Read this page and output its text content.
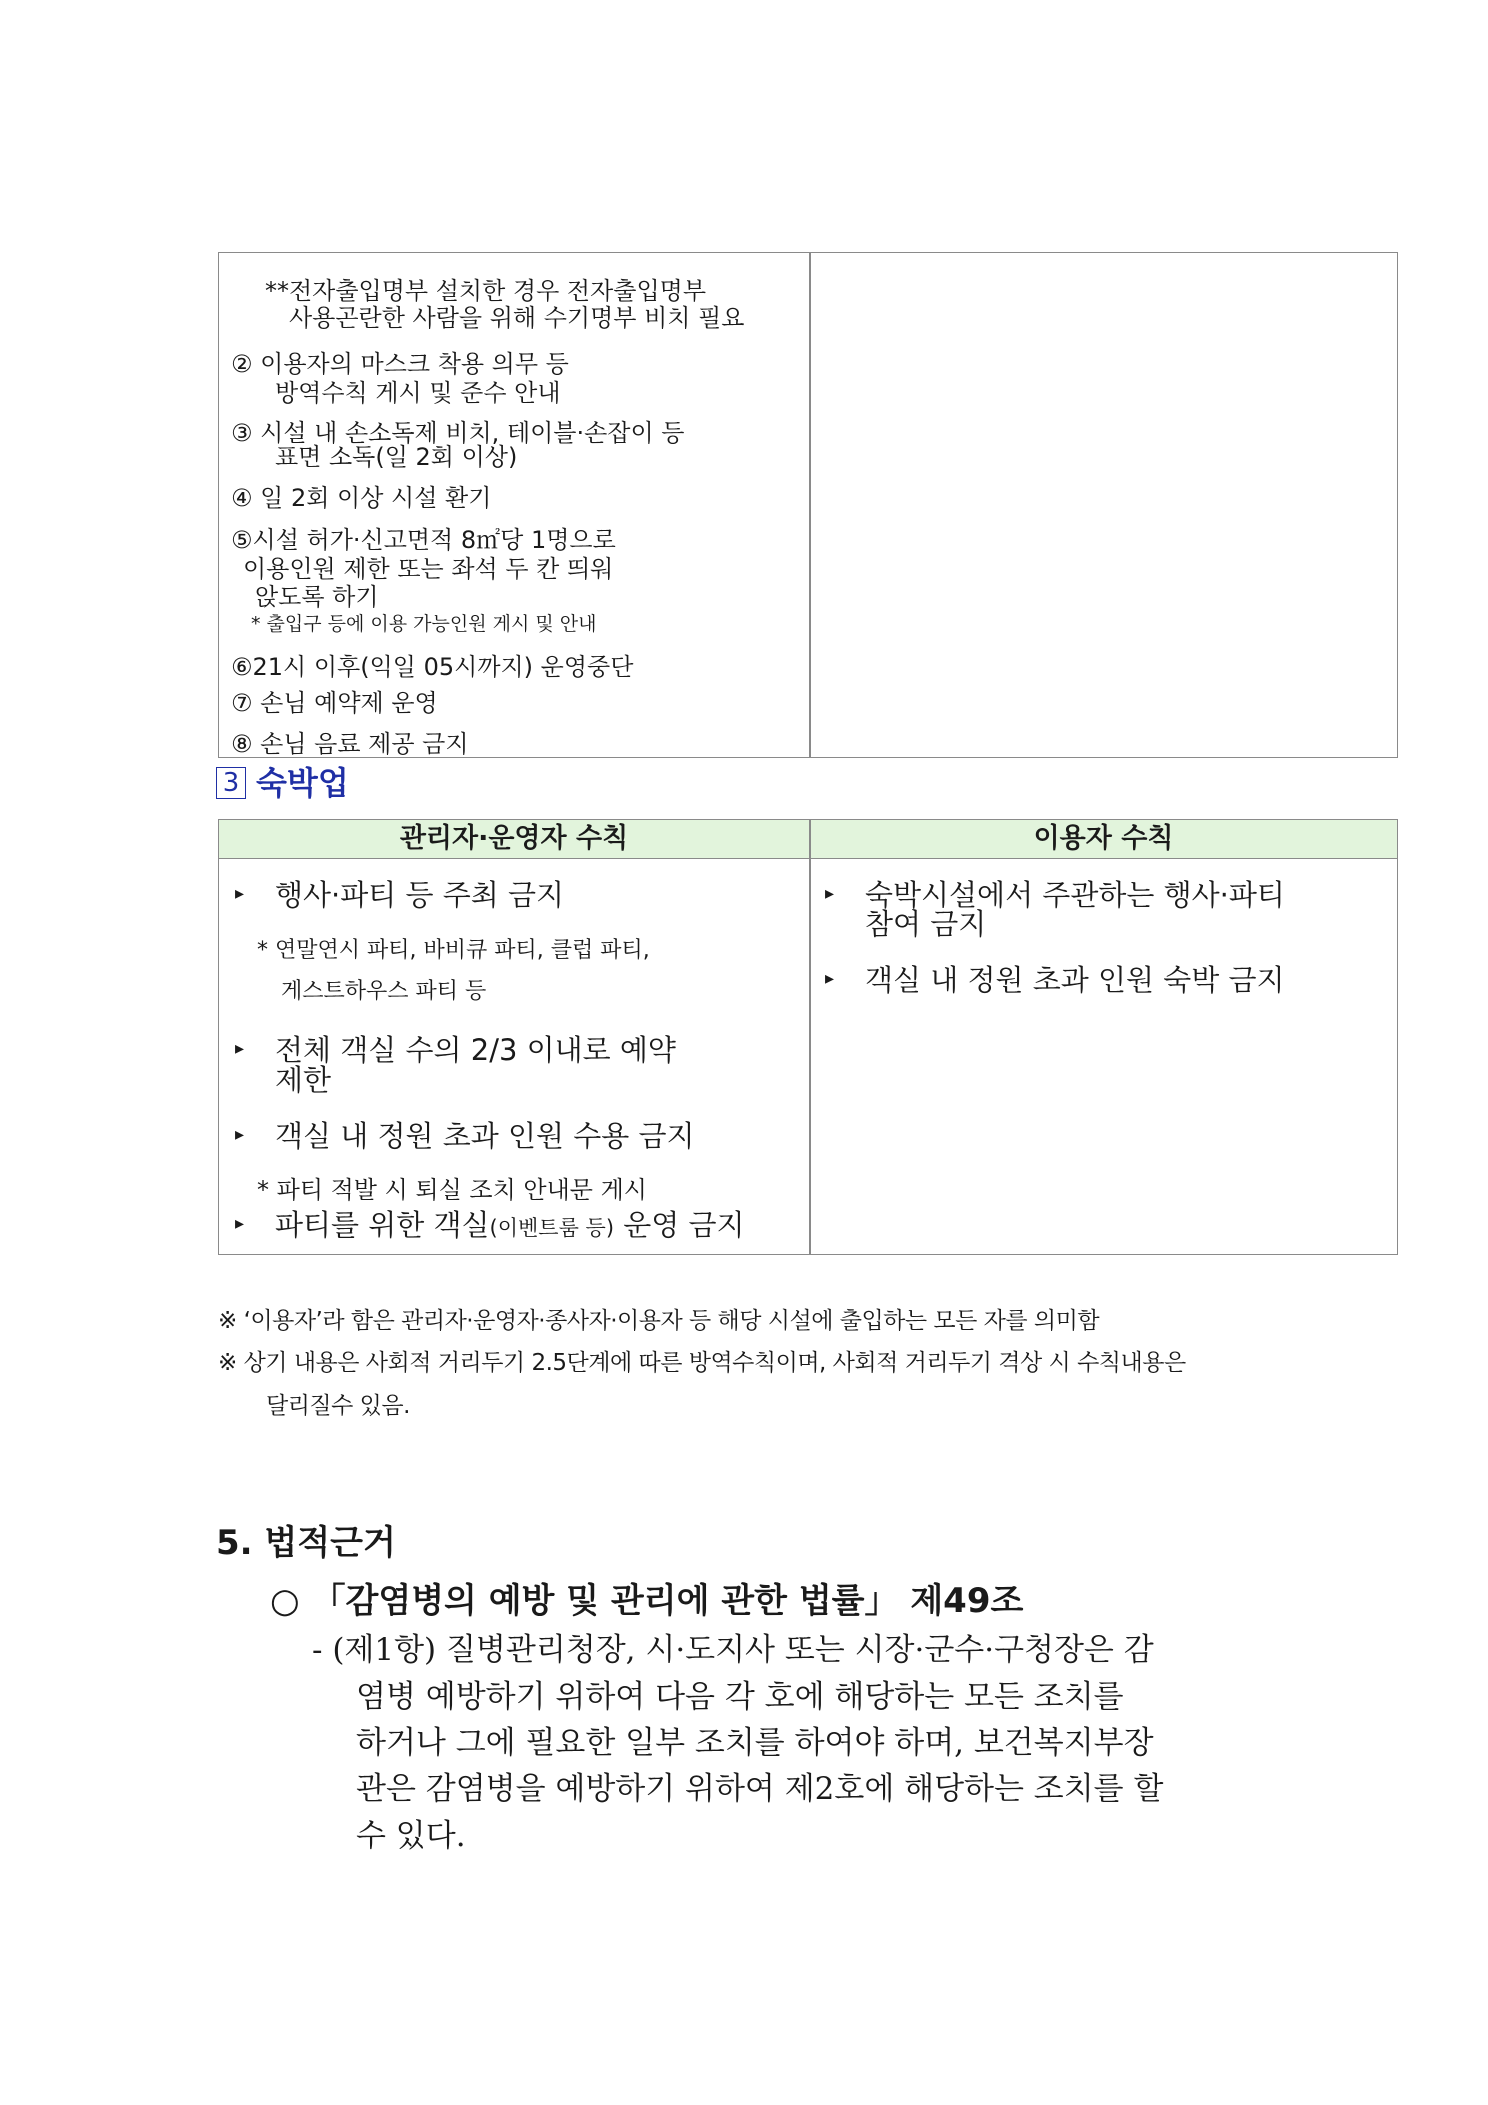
**전자출입명부 설치한 경우 전자출입명부
사용곤란한 사람을 위해 수기명부 비치 필요
② 이용자의 마스크 착용 의무 등
방역수칙 게시 및 준수 안내
③ 시설 내 손소독제 비치, 테이블·손잡이 등
표면 소독(일 2회 이상)
④ 일 2회 이상 시설 환기
⑤시설 허가·신고면적 8㎡당 1명으로
이용인원 제한 또는 좌석 두 칸 띄워
앉도록 하기
* 출입구 등에 이용 가능인원 게시 및 안내
⑥21시 이후(익일 05시까지) 운영중단
⑦ 손님 예약제 운영
⑧ 손님 음료 제공 금지
3 숙박업
관리자·운영자 수칙	이용자 수칙
▸ 행사·파티 등 주최 금지
* 연말연시 파티, 바비큐 파티, 클럽 파티,
게스트하우스 파티 등
▸ 전체 객실 수의 2/3 이내로 예약
제한
▸ 객실 내 정원 초과 인원 수용 금지
* 파티 적발 시 퇴실 조치 안내문 게시
▸ 파티를 위한 객실(이벤트룸 등) 운영 금지
▸ 숙박시설에서 주관하는 행사·파티
참여 금지
▸ 객실 내 정원 초과 인원 숙박 금지
※ ‘이용자’라 함은 관리자·운영자·종사자·이용자 등 해당 시설에 출입하는 모든 자를 의미함
※ 상기 내용은 사회적 거리두기 2.5단계에 따른 방역수칙이며, 사회적 거리두기 격상 시 수칙내용은
달리질수 있음.
5. 법적근거
○ 「감염병의 예방 및 관리에 관한 법률」 제49조
- (제1항) 질병관리청장, 시·도지사 또는 시장·군수·구청장은 감
염병 예방하기 위하여 다음 각 호에 해당하는 모든 조치를
하거나 그에 필요한 일부 조치를 하여야 하며, 보건복지부장
관은 감염병을 예방하기 위하여 제2호에 해당하는 조치를 할
수 있다.
